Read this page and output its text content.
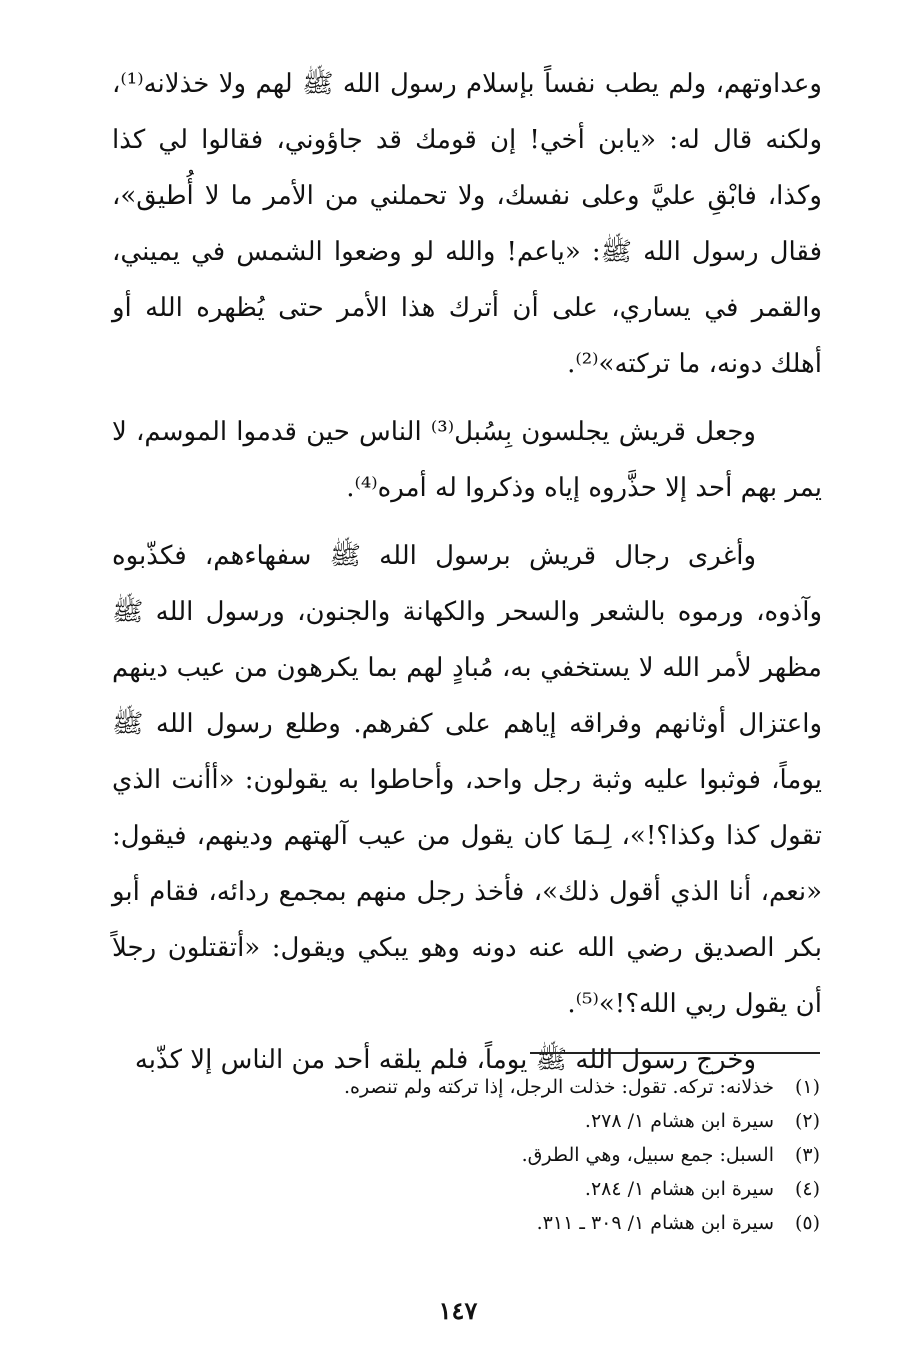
وعداوتهم، ولم يطب نفساً بإسلام رسول الله ﷺ لهم ولا خذلانه⁽¹⁾، ولكنه قال له: «يابن أخي! إن قومك قد جاؤوني، فقالوا لي كذا وكذا، فابْقِ عليَّ وعلى نفسك، ولا تحملني من الأمر ما لا أُطيق»، فقال رسول الله ﷺ: «ياعم! والله لو وضعوا الشمس في يميني، والقمر في يساري، على أن أترك هذا الأمر حتى يُظهره الله أو أهلك دونه، ما تركته»⁽²⁾.

وجعل قريش يجلسون بِسُبل⁽³⁾ الناس حين قدموا الموسم، لا يمر بهم أحد إلا حذَّروه إياه وذكروا له أمره⁽⁴⁾.

وأغرى رجال قريش برسول الله ﷺ سفهاءهم، فكذّبوه وآذوه، ورموه بالشعر والسحر والكهانة والجنون، ورسول الله ﷺ مظهر لأمر الله لا يستخفي به، مُبادٍ لهم بما يكرهون من عيب دينهم واعتزال أوثانهم وفراقه إياهم على كفرهم. وطلع رسول الله ﷺ يوماً، فوثبوا عليه وثبة رجل واحد، وأحاطوا به يقولون: «أأنت الذي تقول كذا وكذا؟!»، لِـمَا كان يقول من عيب آلهتهم ودينهم، فيقول: «نعم، أنا الذي أقول ذلك»، فأخذ رجل منهم بمجمع ردائه، فقام أبو بكر الصديق رضي الله عنه دونه وهو يبكي ويقول: «أتقتلون رجلاً أن يقول ربي الله؟!»⁽⁵⁾.

وخرج رسول الله ﷺ يوماً، فلم يلقه أحد من الناس إلا كذّبه

(١)
خذلانه: تركه. تقول: خذلت الرجل، إذا تركته ولم تنصره.
(٢)
سيرة ابن هشام ١/ ٢٧٨.
(٣)
السبل: جمع سبيل، وهي الطرق.
(٤)
سيرة ابن هشام ١/ ٢٨٤.
(٥)
سيرة ابن هشام ١/ ٣٠٩ ـ ٣١١.
١٤٧
